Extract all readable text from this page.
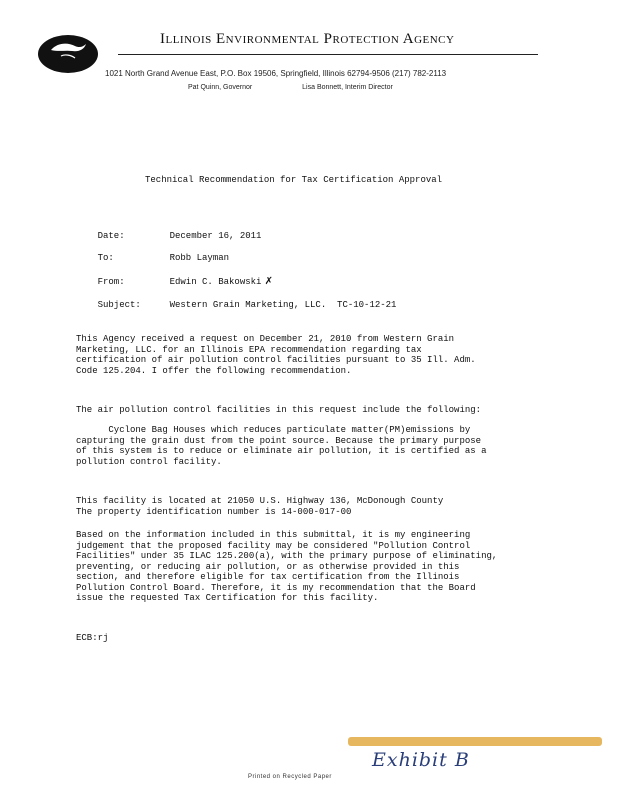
Illinois Environmental Protection Agency
1021 North Grand Avenue East, P.O. Box 19506, Springfield, Illinois 62794-9506 (217) 782-2113
Pat Quinn, Governor	Lisa Bonnett, Interim Director
Technical Recommendation for Tax Certification Approval

Date:	December 16, 2011

To:	Robb Layman

From:	Edwin C. Bakowski ✗

Subject:	Western Grain Marketing, LLC.  TC-10-12-21

This Agency received a request on December 21, 2010 from Western Grain
Marketing, LLC. for an Illinois EPA recommendation regarding tax
certification of air pollution control facilities pursuant to 35 Ill. Adm.
Code 125.204. I offer the following recommendation.
The air pollution control facilities in this request include the following:
Cyclone Bag Houses which reduces particulate matter(PM)emissions by
capturing the grain dust from the point source. Because the primary purpose
of this system is to reduce or eliminate air pollution, it is certified as a
pollution control facility.
This facility is located at 21050 U.S. Highway 136, McDonough County
The property identification number is 14-000-017-00
Based on the information included in this submittal, it is my engineering
judgement that the proposed facility may be considered "Pollution Control
Facilities" under 35 ILAC 125.200(a), with the primary purpose of eliminating,
preventing, or reducing air pollution, or as otherwise provided in this
section, and therefore eligible for tax certification from the Illinois
Pollution Control Board. Therefore, it is my recommendation that the Board
issue the requested Tax Certification for this facility.
ECB:rj
Exhibit B
Printed on Recycled Paper
